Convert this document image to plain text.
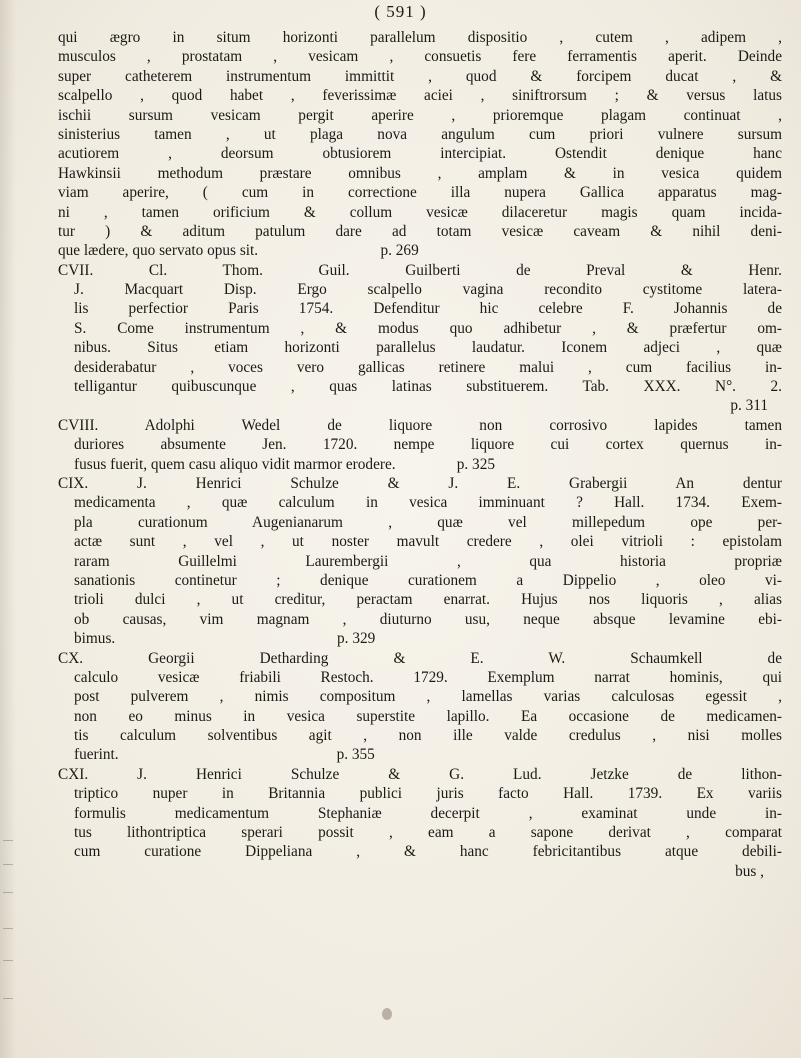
( 591 )
qui ægro in situm horizonti parallelum dispositio , cutem , adipem ,
musculos , prostatam , vesicam , consuetis fere ferramentis aperit. Deinde
super catheterem instrumentum immittit , quod & forcipem ducat , &
scalpello , quod habet , feverissimæ aciei , siniftrorsum ; & versus latus
ischii sursum vesicam pergit aperire , prioremque plagam continuat ,
sinisterius tamen , ut plaga nova angulum cum priori vulnere sursum
acutiorem , deorsum obtusiorem intercipiat. Ostendit denique hanc
Hawkinsii methodum præstare omnibus , amplam & in vesica quidem
viam aperire, ( cum in correctione illa nupera Gallica apparatus mag-
ni , tamen orificium & collum vesicæ dilaceretur magis quam incida-
tur ) & aditum patulum dare ad totam vesicæ caveam & nihil deni-
que lædere, quo servato opus sit.                                p. 269
CVII. Cl. Thom. Guil. Guilberti de Preval & Henr.
J. Macquart Disp. Ergo scalpello vagina recondito cystitome latera-
lis perfectior Paris 1754. Defenditur hic celebre F. Johannis de
S. Come instrumentum , & modus quo adhibetur , & præfertur om-
nibus. Situs etiam horizonti parallelus laudatur. Iconem adjeci , quæ
desiderabatur , voces vero gallicas retinere malui , cum facilius in-
telligantur quibuscunque , quas latinas substituerem. Tab. XXX. N°. 2.
p. 311
CVIII. Adolphi Wedel de liquore non corrosivo lapides tamen
duriores absumente Jen. 1720. nempe liquore cui cortex quernus in-
fusus fuerit, quem casu aliquo vidit marmor erodere.                p. 325
CIX. J. Henrici Schulze & J. E. Grabergii An dentur
medicamenta , quæ calculum in vesica imminuant ? Hall. 1734. Exem-
pla curationum Augenianarum , quæ vel millepedum ope per-
actæ sunt , vel , ut noster mavult credere , olei vitrioli : epistolam
raram Guillelmi Laurembergii , qua historia propriæ
sanationis continetur ; denique curationem a Dippelio , oleo vi-
trioli dulci , ut creditur, peractam enarrat. Hujus nos liquoris , alias
ob causas, vim magnam , diuturno usu, neque absque levamine ebi-
bimus.                                                          p. 329
CX. Georgii Detharding & E. W. Schaumkell de
calculo vesicæ friabili Restoch. 1729. Exemplum narrat hominis, qui
post pulverem , nimis compositum , lamellas varias calculosas egessit ,
non eo minus in vesica superstite lapillo. Ea occasione de medicamen-
tis calculum solventibus agit , non ille valde credulus , nisi molles
fuerint.                                                         p. 355
CXI. J. Henrici Schulze & G. Lud. Jetzke de lithon-
triptico nuper in Britannia publici juris facto Hall. 1739. Ex variis
formulis medicamentum Stephaniæ decerpit , examinat unde in-
tus lithontriptica sperari possit , eam a sapone derivat , comparat
cum curatione Dippeliana , & hanc febricitantibus atque debili-
bus ,
